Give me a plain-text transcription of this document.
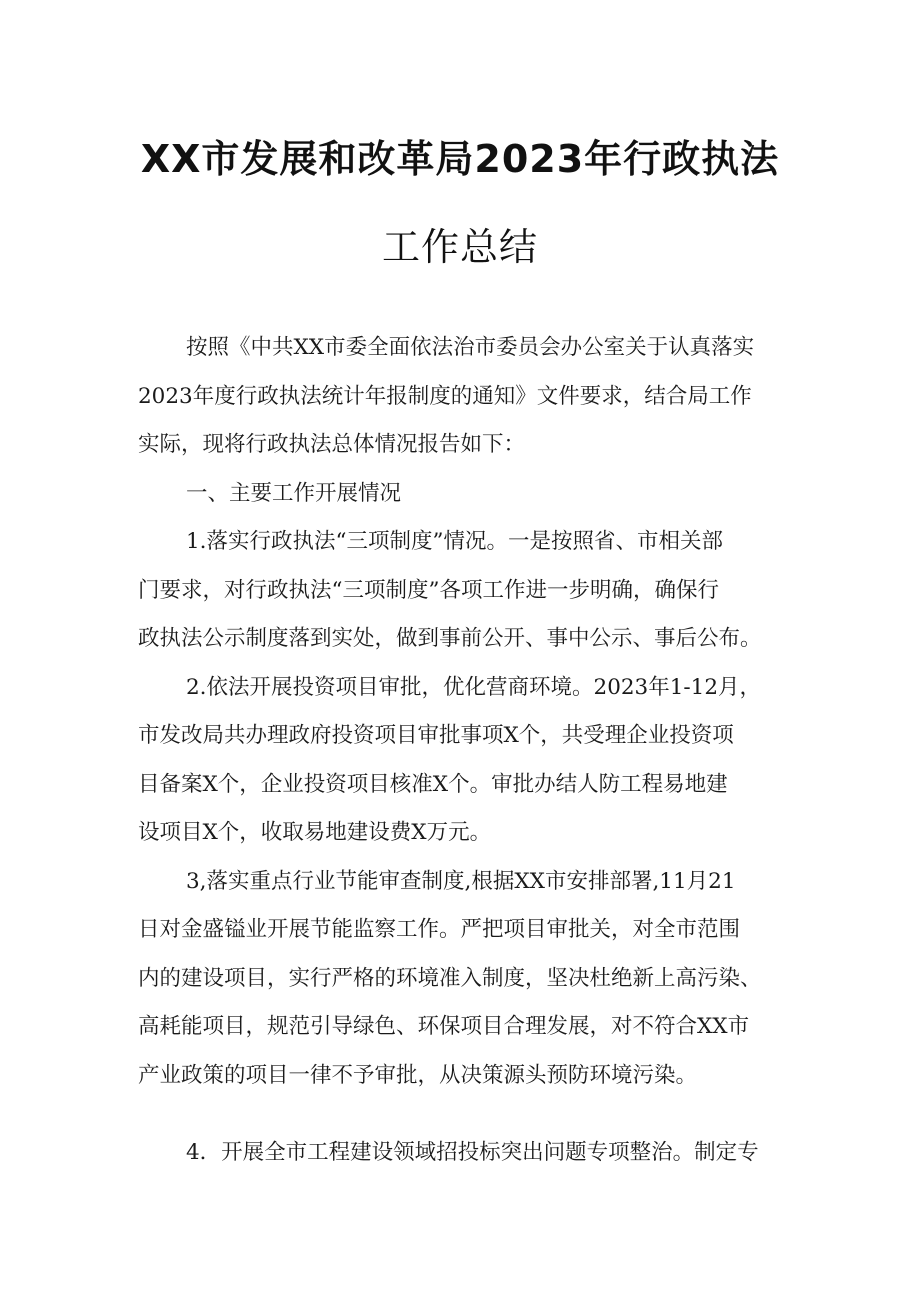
XX市发展和改革局2023年行政执法
工作总结
按照《中共XX市委全面依法治市委员会办公室关于认真落实
2023年度行政执法统计年报制度的通知》文件要求，结合局工作
实际，现将行政执法总体情况报告如下：
一、主要工作开展情况
1.落实行政执法“三项制度”情况。一是按照省、市相关部
门要求，对行政执法“三项制度”各项工作进一步明确，确保行
政执法公示制度落到实处，做到事前公开、事中公示、事后公布。
2.依法开展投资项目审批，优化营商环境。2023年1-12月，
市发改局共办理政府投资项目审批事项X个，共受理企业投资项
目备案X个，企业投资项目核准X个。审批办结人防工程易地建
设项目X个，收取易地建设费X万元。
3,落实重点行业节能审查制度,根据XX市安排部署,11月21
日对金盛镒业开展节能监察工作。严把项目审批关，对全市范围
内的建设项目，实行严格的环境准入制度，坚决杜绝新上高污染、
高耗能项目，规范引导绿色、环保项目合理发展，对不符合XX市
产业政策的项目一律不予审批，从决策源头预防环境污染。
4．开展全市工程建设领域招投标突出问题专项整治。制定专
